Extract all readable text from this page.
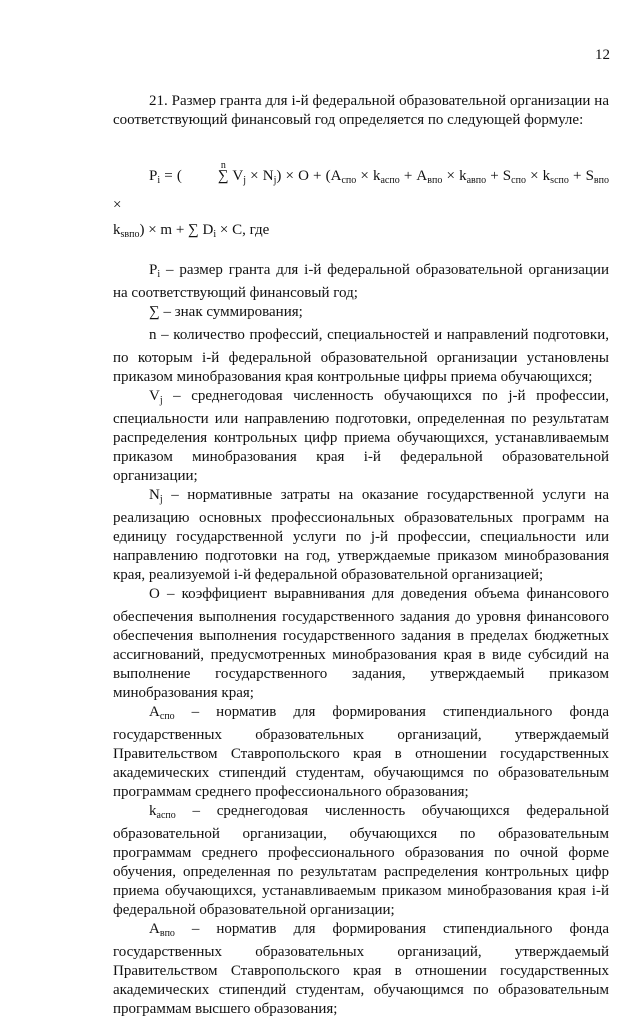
12

21. Размер гранта для i-й федеральной образовательной организации на соответствующий финансовый год определяется по следующей формуле:

$P_i$ = (
n
∑ $V_j \times N_j) \times O + (A_{спо} \times k_{аспо} + A_{впо} \times k_{авпо} + S_{спо} \times k_{sспо} + S_{впо}$ ×
$k_{sвпо}) \times m$ + ∑ $D_i \times C$, где

$P_i$ – размер гранта для i-й федеральной образовательной организации на соответствующий финансовый год;

∑ – знак суммирования;

n – количество профессий, специальностей и направлений подготовки, по которым i-й федеральной образовательной организации установлены приказом минобразования края контрольные цифры приема обучающихся;

$V_j$ – среднегодовая численность обучающихся по j-й профессии, специальности или направлению подготовки, определенная по результатам распределения контрольных цифр приема обучающихся, устанавливаемым приказом минобразования края i-й федеральной образовательной организации;

$N_j$ – нормативные затраты на оказание государственной услуги на реализацию основных профессиональных образовательных программ на единицу государственной услуги по j-й профессии, специальности или направлению подготовки на год, утверждаемые приказом минобразования края, реализуемой i-й федеральной образовательной организацией;

O – коэффициент выравнивания для доведения объема финансового обеспечения выполнения государственного задания до уровня финансового обеспечения выполнения государственного задания в пределах бюджетных ассигнований, предусмотренных минобразования края в виде субсидий на выполнение государственного задания, утверждаемый приказом минобразования края;

$A_{спо}$ – норматив для формирования стипендиального фонда государственных образовательных организаций, утверждаемый Правительством Ставропольского края в отношении государственных академических стипендий студентам, обучающимся по образовательным программам среднего профессионального образования;

$k_{аспо}$ – среднегодовая численность обучающихся федеральной образовательной организации, обучающихся по образовательным программам среднего профессионального образования по очной форме обучения, определенная по результатам распределения контрольных цифр приема обучающихся, устанавливаемым приказом минобразования края i-й федеральной образовательной организации;

$A_{впо}$ – норматив для формирования стипендиального фонда государственных образовательных организаций, утверждаемый Правительством Ставропольского края в отношении государственных академических стипендий студентам, обучающимся по образовательным программам высшего образования;
